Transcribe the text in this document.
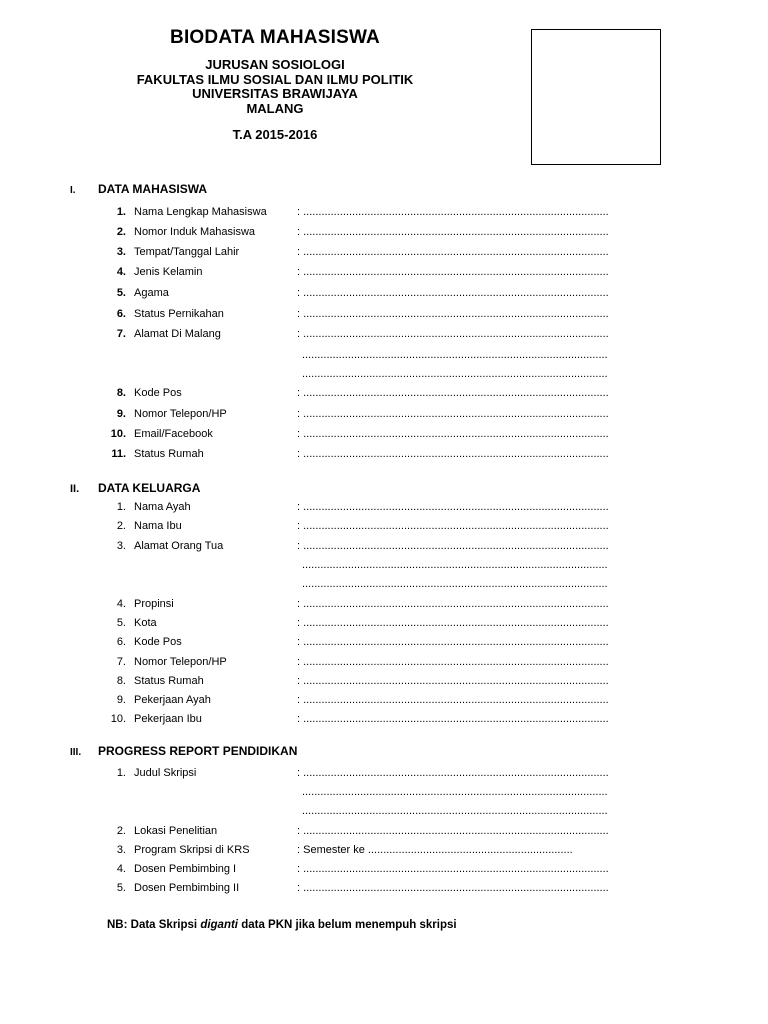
BIODATA MAHASISWA
JURUSAN SOSIOLOGI
FAKULTAS ILMU SOSIAL DAN ILMU POLITIK
UNIVERSITAS BRAWIJAYA
MALANG
T.A 2015-2016
I. DATA MAHASISWA
1. Nama Lengkap Mahasiswa	: ....................................................................................................
2. Nomor Induk Mahasiswa	: ....................................................................................................
3. Tempat/Tanggal Lahir	: ....................................................................................................
4. Jenis Kelamin	: ....................................................................................................
5. Agama	: ....................................................................................................
6. Status Pernikahan	: ....................................................................................................
7. Alamat Di Malang	: ....................................................................................................
....................................................................................................
....................................................................................................
8. Kode Pos	: ....................................................................................................
9. Nomor Telepon/HP	: ....................................................................................................
10. Email/Facebook	: ....................................................................................................
11. Status Rumah	: ....................................................................................................
II. DATA KELUARGA
1. Nama Ayah	: ....................................................................................................
2. Nama Ibu	: ....................................................................................................
3. Alamat Orang Tua	: ....................................................................................................
....................................................................................................
....................................................................................................
4. Propinsi	: ....................................................................................................
5. Kota	: ....................................................................................................
6. Kode Pos	: ....................................................................................................
7. Nomor Telepon/HP	: ....................................................................................................
8. Status Rumah	: ....................................................................................................
9. Pekerjaan Ayah	: ....................................................................................................
10. Pekerjaan Ibu	: ....................................................................................................
III. PROGRESS REPORT PENDIDIKAN
1. Judul Skripsi	: ....................................................................................................
....................................................................................................
....................................................................................................
2. Lokasi Penelitian	: ....................................................................................................
3. Program Skripsi di KRS	: Semester ke ...................................................................
4. Dosen Pembimbing I	: ....................................................................................................
5. Dosen Pembimbing II	: ....................................................................................................
NB: Data Skripsi diganti data PKN jika belum menempuh skripsi
